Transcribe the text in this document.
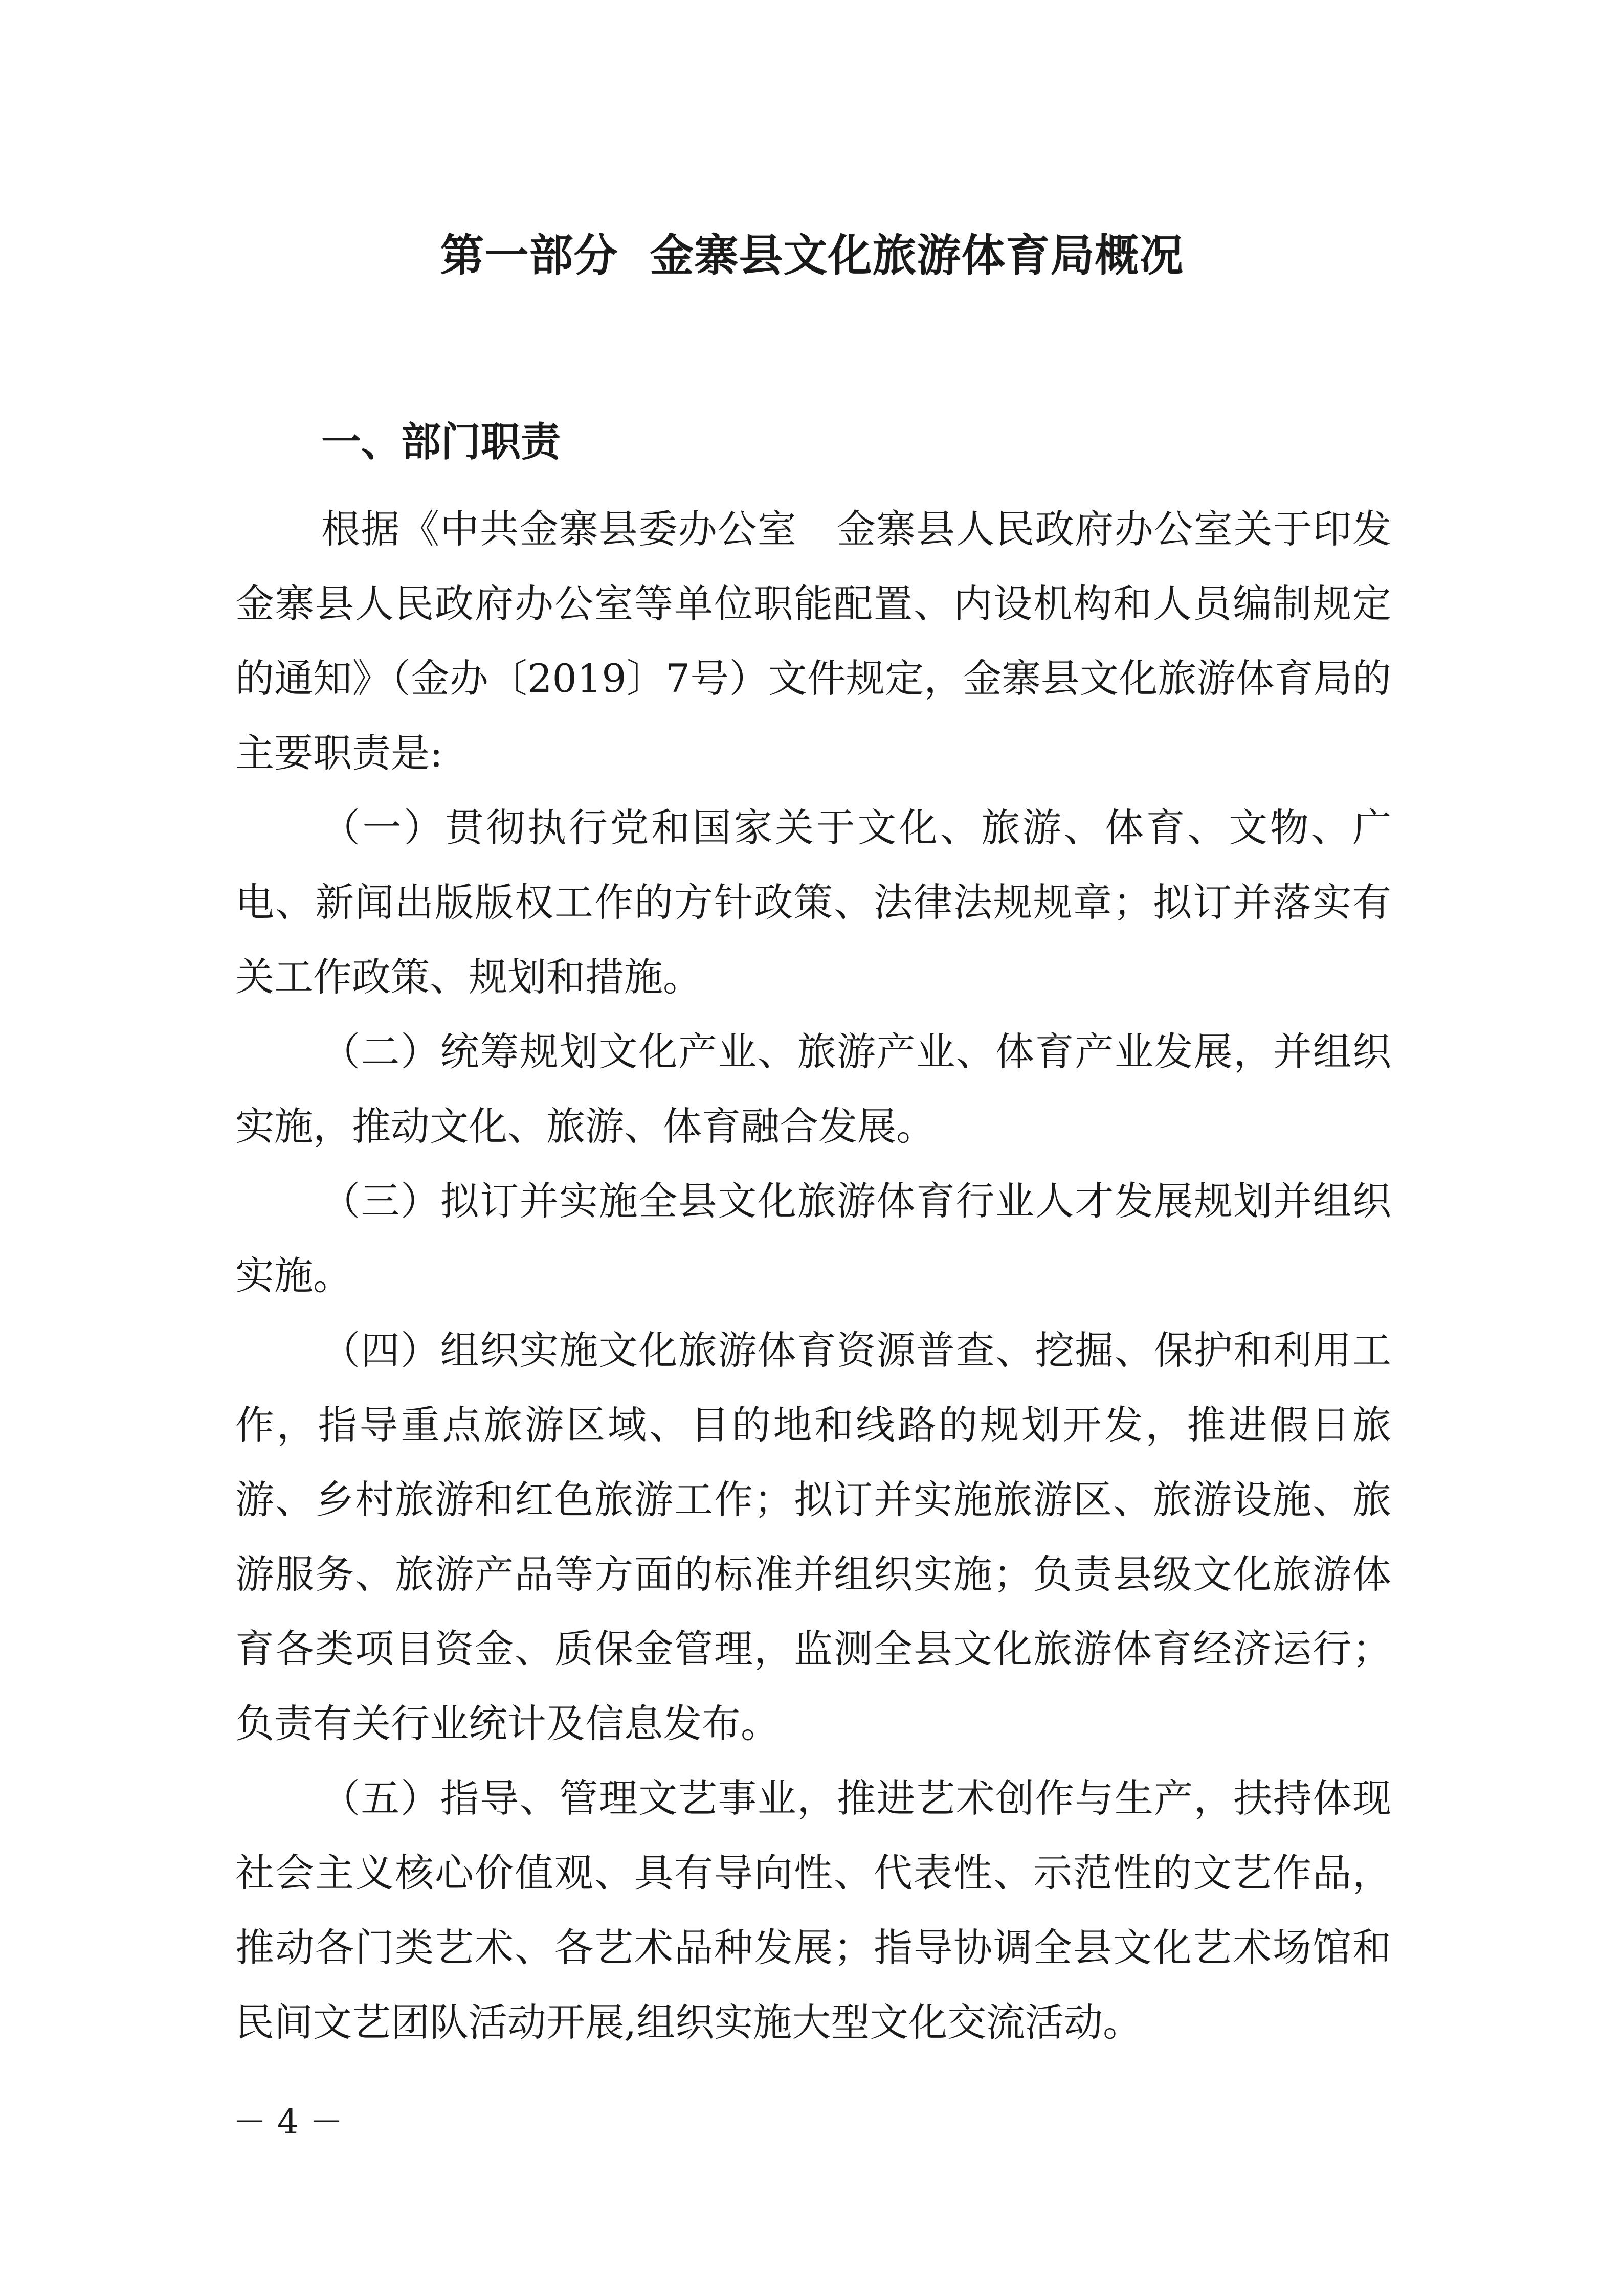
第一部分  金寨县文化旅游体育局概况
一、部门职责

根据《中共金寨县委办公室　金寨县人民政府办公室关于印发金寨县人民政府办公室等单位职能配置、内设机构和人员编制规定的通知》（金办〔2019〕7号）文件规定，金寨县文化旅游体育局的主要职责是:

（一）贯彻执行党和国家关于文化、旅游、体育、文物、广电、新闻出版版权工作的方针政策、法律法规规章；拟订并落实有关工作政策、规划和措施。

（二）统筹规划文化产业、旅游产业、体育产业发展，并组织实施，推动文化、旅游、体育融合发展。

（三）拟订并实施全县文化旅游体育行业人才发展规划并组织实施。

（四）组织实施文化旅游体育资源普查、挖掘、保护和利用工作，指导重点旅游区域、目的地和线路的规划开发，推进假日旅游、乡村旅游和红色旅游工作；拟订并实施旅游区、旅游设施、旅游服务、旅游产品等方面的标准并组织实施；负责县级文化旅游体育各类项目资金、质保金管理，监测全县文化旅游体育经济运行；负责有关行业统计及信息发布。

（五）指导、管理文艺事业，推进艺术创作与生产，扶持体现社会主义核心价值观、具有导向性、代表性、示范性的文艺作品，推动各门类艺术、各艺术品种发展；指导协调全县文化艺术场馆和民间文艺团队活动开展,组织实施大型文化交流活动。

－ 4 －
